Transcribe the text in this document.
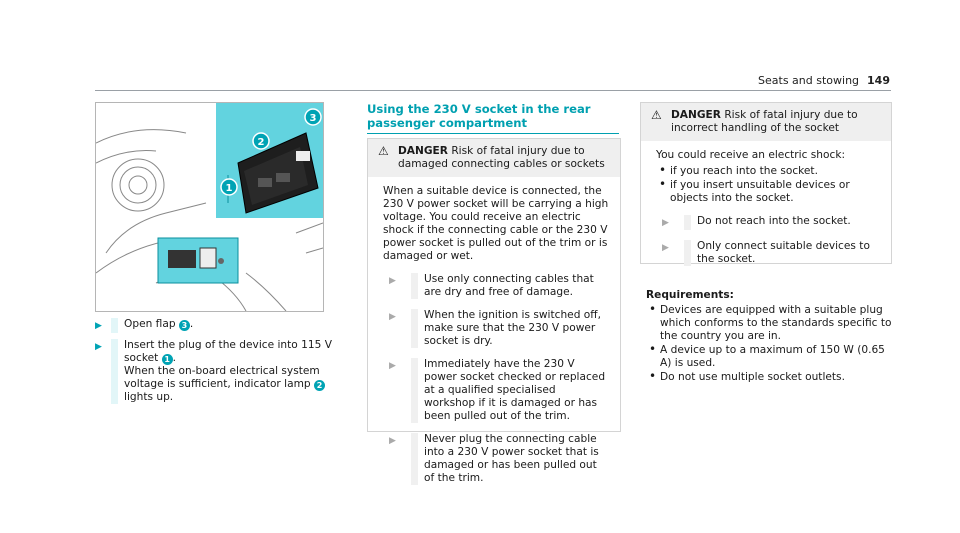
Seats and stowing 149
1
2
3
▶	Open flap 3 .
▶	Insert the plug of the device into 115 V socket 1 .
When the on-board electrical system voltage is sufficient, indicator lamp 2 lights up.
Using the 230 V socket in the rear passenger compartment
⚠ DANGER Risk of fatal injury due to damaged connecting cables or sockets

When a suitable device is connected, the 230 V power socket will be carrying a high voltage. You could receive an electric shock if the connecting cable or the 230 V power socket is pulled out of the trim or is damaged or wet.

▶	Use only connecting cables that are dry and free of damage.
▶	When the ignition is switched off, make sure that the 230 V power socket is dry.
▶	Immediately have the 230 V power socket checked or replaced at a qualified specialised workshop if it is damaged or has been pulled out of the trim.
▶	Never plug the connecting cable into a 230 V power socket that is damaged or has been pulled out of the trim.
⚠ DANGER Risk of fatal injury due to incorrect handling of the socket

You could receive an electric shock:

• if you reach into the socket.
• if you insert unsuitable devices or objects into the socket.
▶	Do not reach into the socket.
▶	Only connect suitable devices to the socket.
Requirements:
• Devices are equipped with a suitable plug which conforms to the standards specific to the country you are in.
• A device up to a maximum of 150 W (0.65 A) is used.
• Do not use multiple socket outlets.
